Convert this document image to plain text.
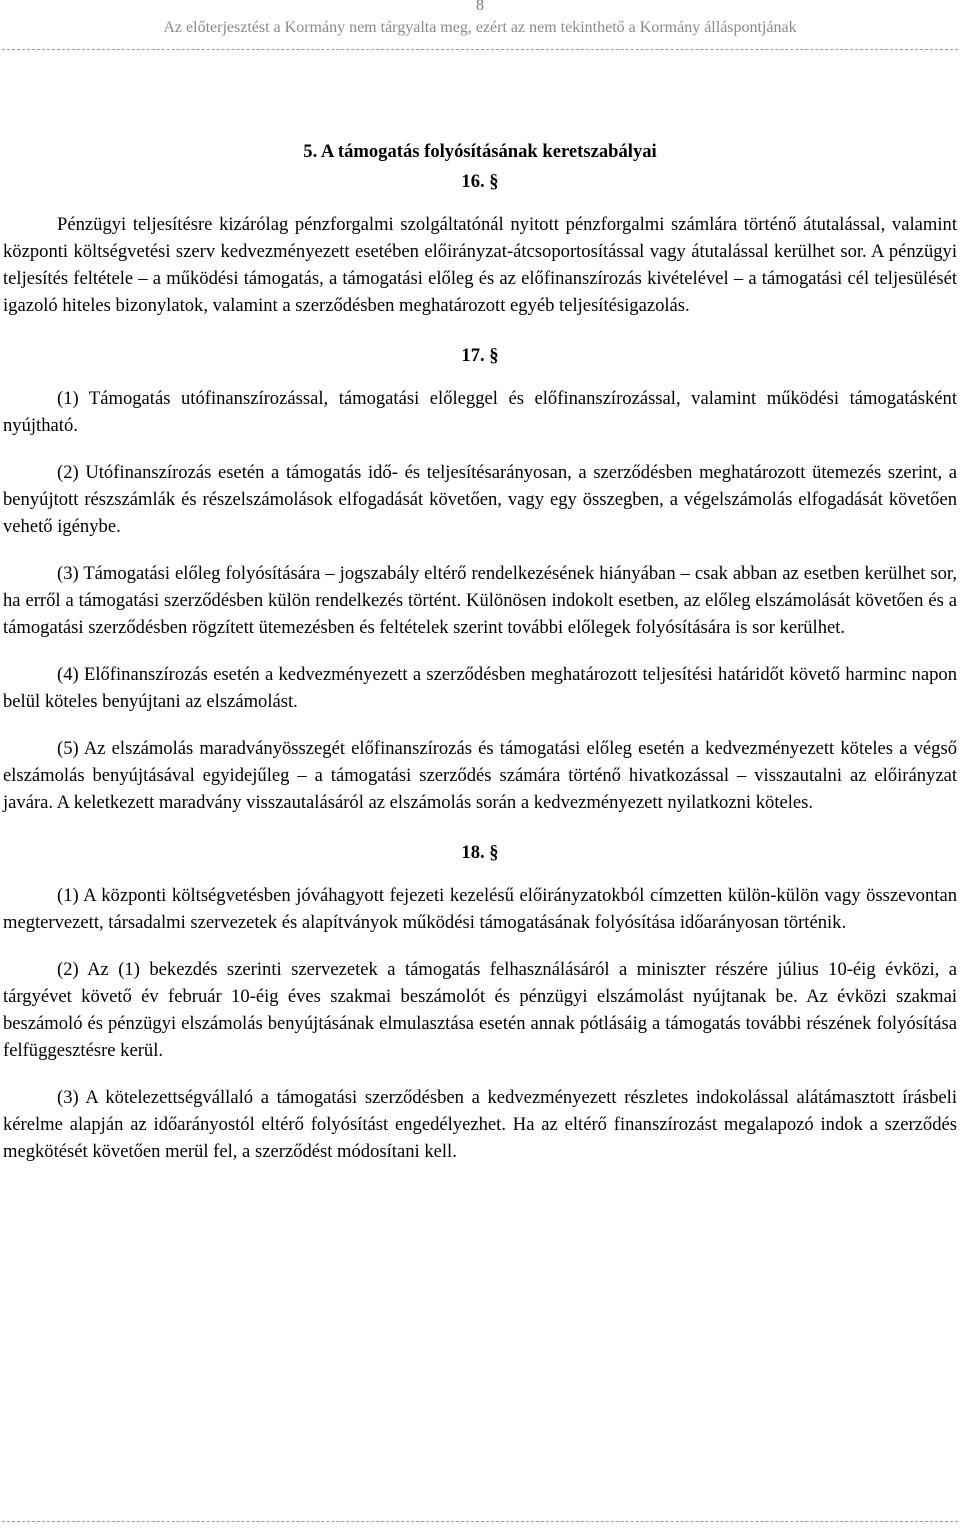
8

Az előterjesztést a Kormány nem tárgyalta meg, ezért az nem tekinthető a Kormány álláspontjának

5. A támogatás folyósításának keretszabályai
16. §

Pénzügyi teljesítésre kizárólag pénzforgalmi szolgáltatónál nyitott pénzforgalmi számlára történő átutalással, valamint központi költségvetési szerv kedvezményezett esetében előirányzat-átcsoportosítással vagy átutalással kerülhet sor. A pénzügyi teljesítés feltétele – a működési támogatás, a támogatási előleg és az előfinanszírozás kivételével – a támogatási cél teljesülését igazoló hiteles bizonylatok, valamint a szerződésben meghatározott egyéb teljesítésigazolás.

17. §

(1) Támogatás utófinanszírozással, támogatási előleggel és előfinanszírozással, valamint működési támogatásként nyújtható.

(2) Utófinanszírozás esetén a támogatás idő- és teljesítésarányosan, a szerződésben meghatározott ütemezés szerint, a benyújtott részszámlák és részelszámolások elfogadását követően, vagy egy összegben, a végelszámolás elfogadását követően vehető igénybe.

(3) Támogatási előleg folyósítására – jogszabály eltérő rendelkezésének hiányában – csak abban az esetben kerülhet sor, ha erről a támogatási szerződésben külön rendelkezés történt. Különösen indokolt esetben, az előleg elszámolását követően és a támogatási szerződésben rögzített ütemezésben és feltételek szerint további előlegek folyósítására is sor kerülhet.

(4) Előfinanszírozás esetén a kedvezményezett a szerződésben meghatározott teljesítési határidőt követő harminc napon belül köteles benyújtani az elszámolást.

(5) Az elszámolás maradványösszegét előfinanszírozás és támogatási előleg esetén a kedvezményezett köteles a végső elszámolás benyújtásával egyidejűleg – a támogatási szerződés számára történő hivatkozással – visszautalni az előirányzat javára. A keletkezett maradvány visszautalásáról az elszámolás során a kedvezményezett nyilatkozni köteles.

18. §

(1) A központi költségvetésben jóváhagyott fejezeti kezelésű előirányzatokból címzetten külön-külön vagy összevontan megtervezett, társadalmi szervezetek és alapítványok működési támogatásának folyósítása időarányosan történik.

(2) Az (1) bekezdés szerinti szervezetek a támogatás felhasználásáról a miniszter részére július 10-éig évközi, a tárgyévet követő év február 10-éig éves szakmai beszámolót és pénzügyi elszámolást nyújtanak be. Az évközi szakmai beszámoló és pénzügyi elszámolás benyújtásának elmulasztása esetén annak pótlásáig a támogatás további részének folyósítása felfüggesztésre kerül.

(3) A kötelezettségvállaló a támogatási szerződésben a kedvezményezett részletes indokolással alátámasztott írásbeli kérelme alapján az időarányostól eltérő folyósítást engedélyezhet. Ha az eltérő finanszírozást megalapozó indok a szerződés megkötését követően merül fel, a szerződést módosítani kell.
